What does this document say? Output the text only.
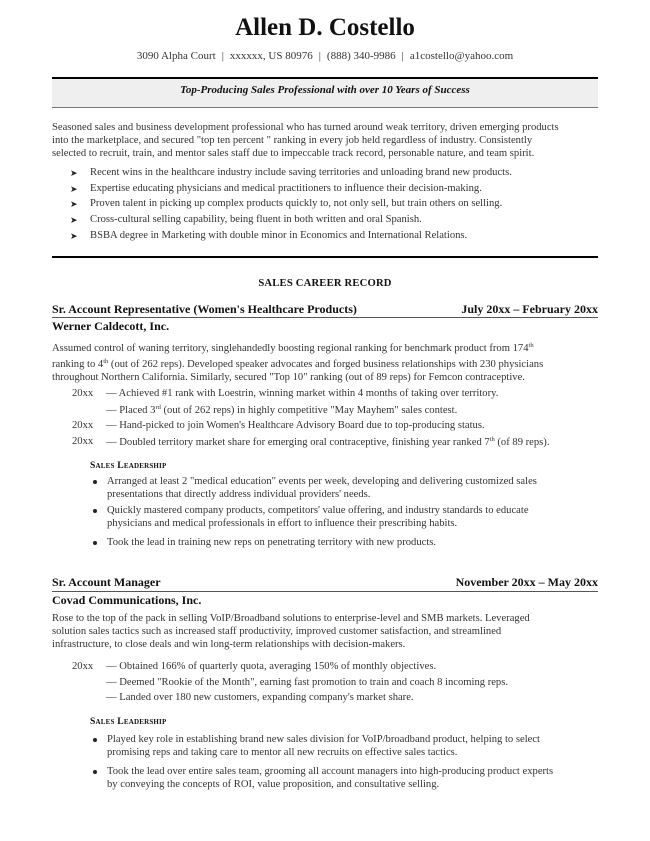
Allen D. Costello
3090 Alpha Court | xxxxxx, US 80976 | (888) 340-9986 | a1costello@yahoo.com
Top-Producing Sales Professional with over 10 Years of Success
Seasoned sales and business development professional who has turned around weak territory, driven emerging products
into the marketplace, and secured "top ten percent " ranking in every job held regardless of industry. Consistently
selected to recruit, train, and mentor sales staff due to impeccable track record, personable nature, and team spirit.
➤ Recent wins in the healthcare industry include saving territories and unloading brand new products.
➤ Expertise educating physicians and medical practitioners to influence their decision-making.
➤ Proven talent in picking up complex products quickly to, not only sell, but train others on selling.
➤ Cross-cultural selling capability, being fluent in both written and oral Spanish.
➤ BSBA degree in Marketing with double minor in Economics and International Relations.
SALES CAREER RECORD
Sr. Account Representative (Women's Healthcare Products)	July 20xx – February 20xx
Werner Caldecott, Inc.
Assumed control of waning territory, singlehandedly boosting regional ranking for benchmark product from 174th
ranking to 4th (out of 262 reps). Developed speaker advocates and forged business relationships with 230 physicians
throughout Northern California. Similarly, secured "Top 10" ranking (out of 89 reps) for Femcon contraceptive.
20xx — Achieved #1 rank with Loestrin, winning market within 4 months of taking over territory.
— Placed 3rd (out of 262 reps) in highly competitive "May Mayhem" sales contest.
20xx — Hand-picked to join Women's Healthcare Advisory Board due to top-producing status.
20xx — Doubled territory market share for emerging oral contraceptive, finishing year ranked 7th (of 89 reps).
Sales Leadership
Arranged at least 2 "medical education" events per week, developing and delivering customized sales
presentations that directly address individual providers' needs.
Quickly mastered company products, competitors' value offering, and industry standards to educate
physicians and medical professionals in effort to influence their prescribing habits.
Took the lead in training new reps on penetrating territory with new products.
Sr. Account Manager	November 20xx – May 20xx
Covad Communications, Inc.
Rose to the top of the pack in selling VoIP/Broadband solutions to enterprise-level and SMB markets. Leveraged
solution sales tactics such as increased staff productivity, improved customer satisfaction, and streamlined
infrastructure, to close deals and win long-term relationships with decision-makers.
20xx — Obtained 166% of quarterly quota, averaging 150% of monthly objectives.
— Deemed "Rookie of the Month", earning fast promotion to train and coach 8 incoming reps.
— Landed over 180 new customers, expanding company's market share.
Sales Leadership
Played key role in establishing brand new sales division for VoIP/broadband product, helping to select
promising reps and taking care to mentor all new recruits on effective sales tactics.
Took the lead over entire sales team, grooming all account managers into high-producing product experts
by conveying the concepts of ROI, value proposition, and consultative selling.
